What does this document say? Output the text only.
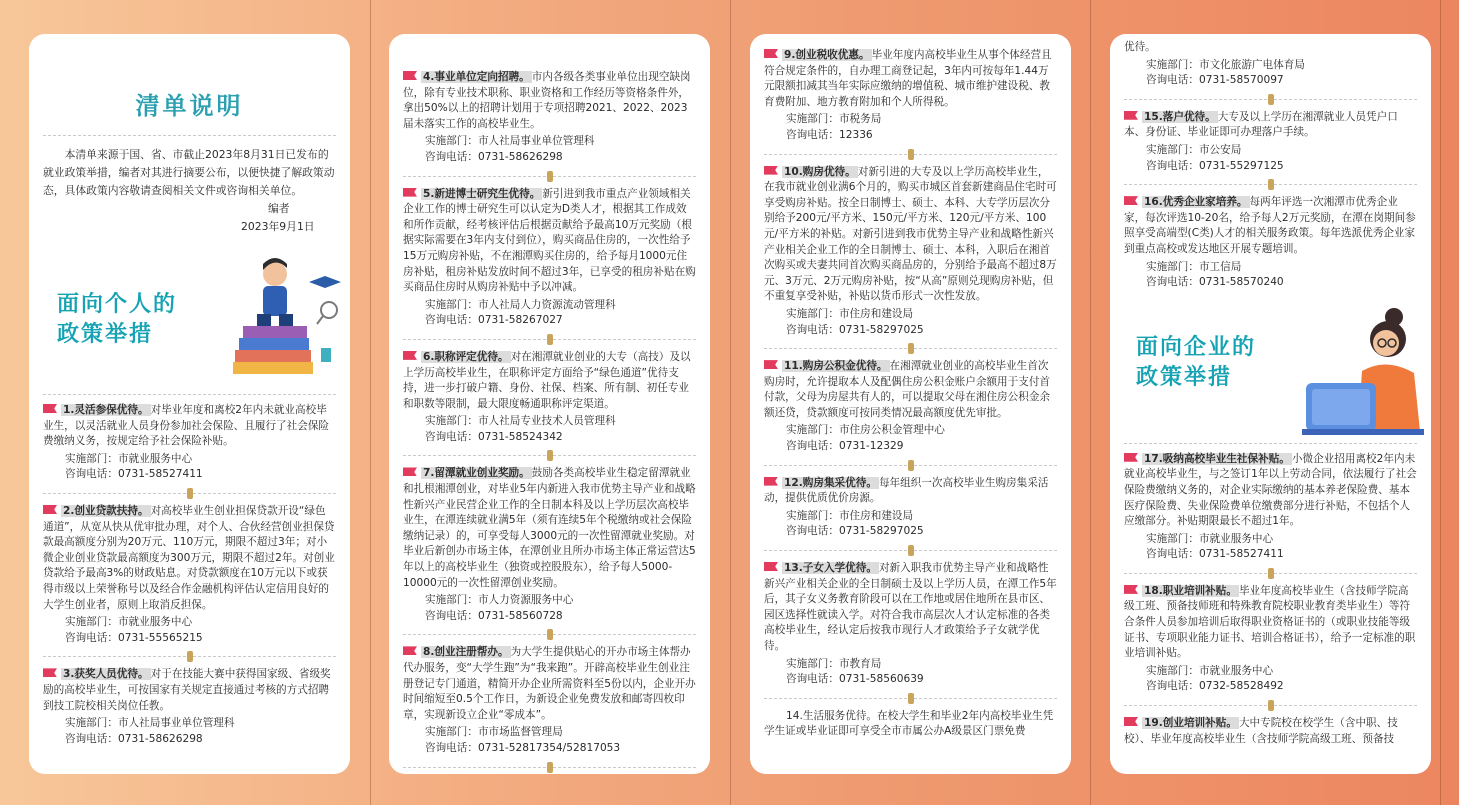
清单说明

本清单来源于国、省、市截止2023年8月31日已发布的就业政策举措，编者对其进行摘要公布，以便快捷了解政策动态，具体政策内容敬请查阅相关文件或咨询相关单位。

编者
2023年9月1日
面向个人的
政策举措
1.灵活参保优待。 对毕业年度和离校2年内未就业高校毕业生，以灵活就业人员身份参加社会保险、且履行了社会保险费缴纳义务，按规定给予社会保险补贴。
实施部门：市就业服务中心
咨询电话：0731-58527411
2.创业贷款扶持。 对高校毕业生创业担保贷款开设“绿色通道”，从宽从快从优审批办理，对个人、合伙经营创业担保贷款最高额度分别为20万元、110万元，期限不超过3年；对小微企业创业贷款最高额度为300万元，期限不超过2年。对创业贷款给予最高3%的财政贴息。对贷款额度在10万元以下或获得市级以上荣誉称号以及经合作金融机构评估认定信用良好的大学生创业者，原则上取消反担保。
实施部门：市就业服务中心
咨询电话：0731-55565215
3.获奖人员优待。 对于在技能大赛中获得国家级、省级奖励的高校毕业生，可按国家有关规定直接通过考核的方式招聘到技工院校相关岗位任教。
实施部门：市人社局事业单位管理科
咨询电话：0731-58626298
4.事业单位定向招聘。 市内各级各类事业单位出现空缺岗位，除有专业技术职称、职业资格和工作经历等资格条件外，拿出50%以上的招聘计划用于专项招聘2021、2022、2023届未落实工作的高校毕业生。
实施部门：市人社局事业单位管理科
咨询电话：0731-58626298
5.新进博士研究生优待。 新引进到我市重点产业领域相关企业工作的博士研究生可以认定为D类人才，根据其工作成效和所作贡献，经考核评估后根据贡献给予最高10万元奖励（根据实际需要在3年内支付到位），购买商品住房的，一次性给予15万元购房补贴，不在湘潭购买住房的，给予每月1000元住房补贴，租房补贴发放时间不超过3年，已享受的租房补贴在购买商品住房时从购房补贴中予以冲减。
实施部门：市人社局人力资源流动管理科
咨询电话：0731-58267027
6.职称评定优待。 对在湘潭就业创业的大专（高技）及以上学历高校毕业生，在职称评定方面给予“绿色通道”优待支持，进一步打破户籍、身份、社保、档案、所有制、初任专业和职数等限制，最大限度畅通职称评定渠道。
实施部门：市人社局专业技术人员管理科
咨询电话：0731-58524342
7.留潭就业创业奖励。 鼓励各类高校毕业生稳定留潭就业和扎根湘潭创业，对毕业5年内新进入我市优势主导产业和战略性新兴产业民营企业工作的全日制本科及以上学历层次高校毕业生，在潭连续就业满5年（须有连续5年个税缴纳或社会保险缴纳记录）的，可享受每人3000元的一次性留潭就业奖励。对毕业后新创办市场主体，在潭创业且所办市场主体正常运营达5年以上的高校毕业生（独资或控股股东），给予每人5000-10000元的一次性留潭创业奖励。
实施部门：市人力资源服务中心
咨询电话：0731-58560728
8.创业注册帮办。 为大学生提供贴心的开办市场主体帮办代办服务，变“大学生跑”为“我来跑”。开辟高校毕业生创业注册登记专门通道，精简开办企业所需资料至5份以内，企业开办时间缩短至0.5个工作日，为新设企业免费发放和邮寄四枚印章，实现新设立企业“零成本”。
实施部门：市市场监督管理局
咨询电话：0731-52817354/52817053
9.创业税收优惠。 毕业年度内高校毕业生从事个体经营且符合规定条件的，自办理工商登记起，3年内可按每年1.44万元限额扣减其当年实际应缴纳的增值税、城市维护建设税、教育费附加、地方教育附加和个人所得税。
实施部门：市税务局
咨询电话：12336
10.购房优待。 对新引进的大专及以上学历高校毕业生，在我市就业创业满6个月的，购买市城区首套新建商品住宅时可享受购房补贴。按全日制博士、硕士、本科、大专学历层次分别给予200元/平方米、150元/平方米、120元/平方米、100元/平方米的补贴。对新引进到我市优势主导产业和战略性新兴产业相关企业工作的全日制博士、硕士、本科，入职后在湘首次购买或夫妻共同首次购买商品房的，分别给予最高不超过8万元、3万元、2万元购房补贴，按“从高”原则兑现购房补贴，但不重复享受补贴，补贴以货币形式一次性发放。
实施部门：市住房和建设局
咨询电话：0731-58297025
11.购房公积金优待。 在湘潭就业创业的高校毕业生首次购房时，允许提取本人及配偶住房公积金账户余额用于支付首付款，父母为房屋共有人的，可以提取父母在湘住房公积金余额还贷，贷款额度可按同类情况最高额度优先审批。
实施部门：市住房公积金管理中心
咨询电话：0731-12329
12.购房集采优待。 每年组织一次高校毕业生购房集采活动，提供优质优价房源。
实施部门：市住房和建设局
咨询电话：0731-58297025
13.子女入学优待。 对新入职我市优势主导产业和战略性新兴产业相关企业的全日制硕士及以上学历人员，在潭工作5年后，其子女义务教育阶段可以在工作地或居住地所在县市区、园区选择性就读入学。对符合我市高层次人才认定标准的各类高校毕业生，经认定后按我市现行人才政策给予子女就学优待。
实施部门：市教育局
咨询电话：0731-58560639
14.生活服务优待。在校大学生和毕业2年内高校毕业生凭学生证或毕业证即可享受全市市属公办A级景区门票免费
优待。
实施部门：市文化旅游广电体育局
咨询电话：0731-58570097
15.落户优待。 大专及以上学历在湘潭就业人员凭户口本、身份证、毕业证即可办理落户手续。
实施部门：市公安局
咨询电话：0731-55297125
16.优秀企业家培养。 每两年评选一次湘潭市优秀企业家，每次评选10-20名，给予每人2万元奖励，在潭在岗期间参照享受高端型(C类)人才的相关服务政策。每年选派优秀企业家到重点高校或发达地区开展专题培训。
实施部门：市工信局
咨询电话：0731-58570240
面向企业的
政策举措
17.吸纳高校毕业生社保补贴。 小微企业招用离校2年内未就业高校毕业生，与之签订1年以上劳动合同，依法履行了社会保险费缴纳义务的，对企业实际缴纳的基本养老保险费、基本医疗保险费、失业保险费单位缴费部分进行补贴，不包括个人应缴部分。补贴期限最长不超过1年。
实施部门：市就业服务中心
咨询电话：0731-58527411
18.职业培训补贴。 毕业年度高校毕业生（含技师学院高级工班、预备技师班和特殊教育院校职业教育类毕业生）等符合条件人员参加培训后取得职业资格证书的（或职业技能等级证书、专项职业能力证书、培训合格证书），给予一定标准的职业培训补贴。
实施部门：市就业服务中心
咨询电话：0732-58528492
19.创业培训补贴。 大中专院校在校学生（含中职、技校）、毕业年度高校毕业生（含技师学院高级工班、预备技
